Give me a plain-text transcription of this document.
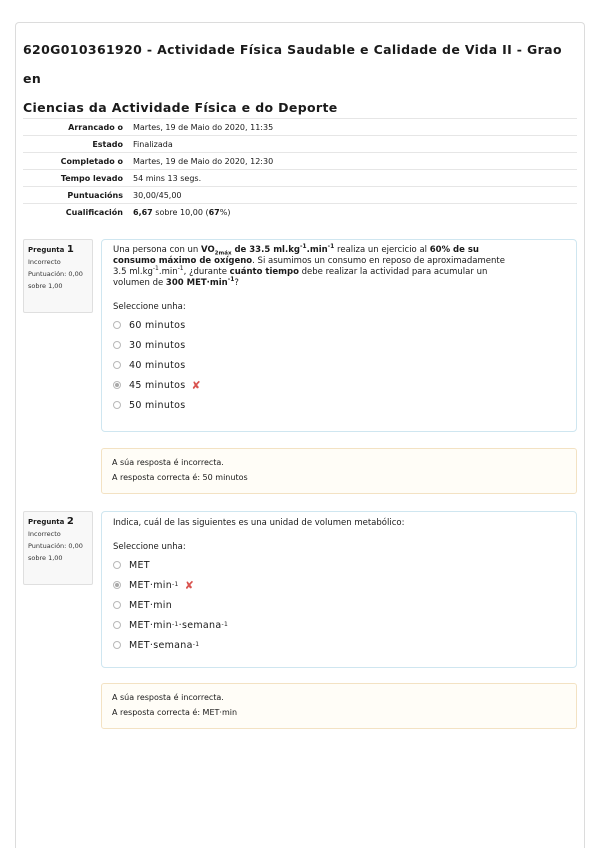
620G010361920 - Actividade Física Saudable e Calidade de Vida II - Grao en
Ciencias da Actividade Física e do Deporte
Arrancado o	Martes, 19 de Maio do 2020, 11:35
Estado	Finalizada
Completado o	Martes, 19 de Maio do 2020, 12:30
Tempo levado	54 mins 13 segs.
Puntuacións	30,00/45,00
Cualificación	6,67 sobre 10,00 (67%)
Pregunta 1
Incorrecto
Puntuación: 0,00
sobre 1,00

Una persona con un $VO_{2máx}$ de 33.5 $ml.kg^{-1}.\min^{-1}$ realiza un ejercicio al 60% de su
consumo máximo de oxígeno. Si asumimos un consumo en reposo de aproximadamente
3.5 $ml.kg^{-1}.\min^{-1}$, ¿durante cuánto tiempo debe realizar la actividad para acumular un
volumen de 300 $MET\cdot\min^{-1}$?

Seleccione unha:
60 minutos
30 minutos
40 minutos
45 minutos ✘
50 minutos
A súa resposta é incorrecta.
A resposta correcta é: 50 minutos
Pregunta 2
Incorrecto
Puntuación: 0,00
sobre 1,00

Indica, cuál de las siguientes es una unidad de volumen metabólico:

Seleccione unha:
MET
MET·min -1 ✘
MET·min
MET·min -1 ·semana -1
MET·semana -1
A súa resposta é incorrecta.
A resposta correcta é: MET·min
